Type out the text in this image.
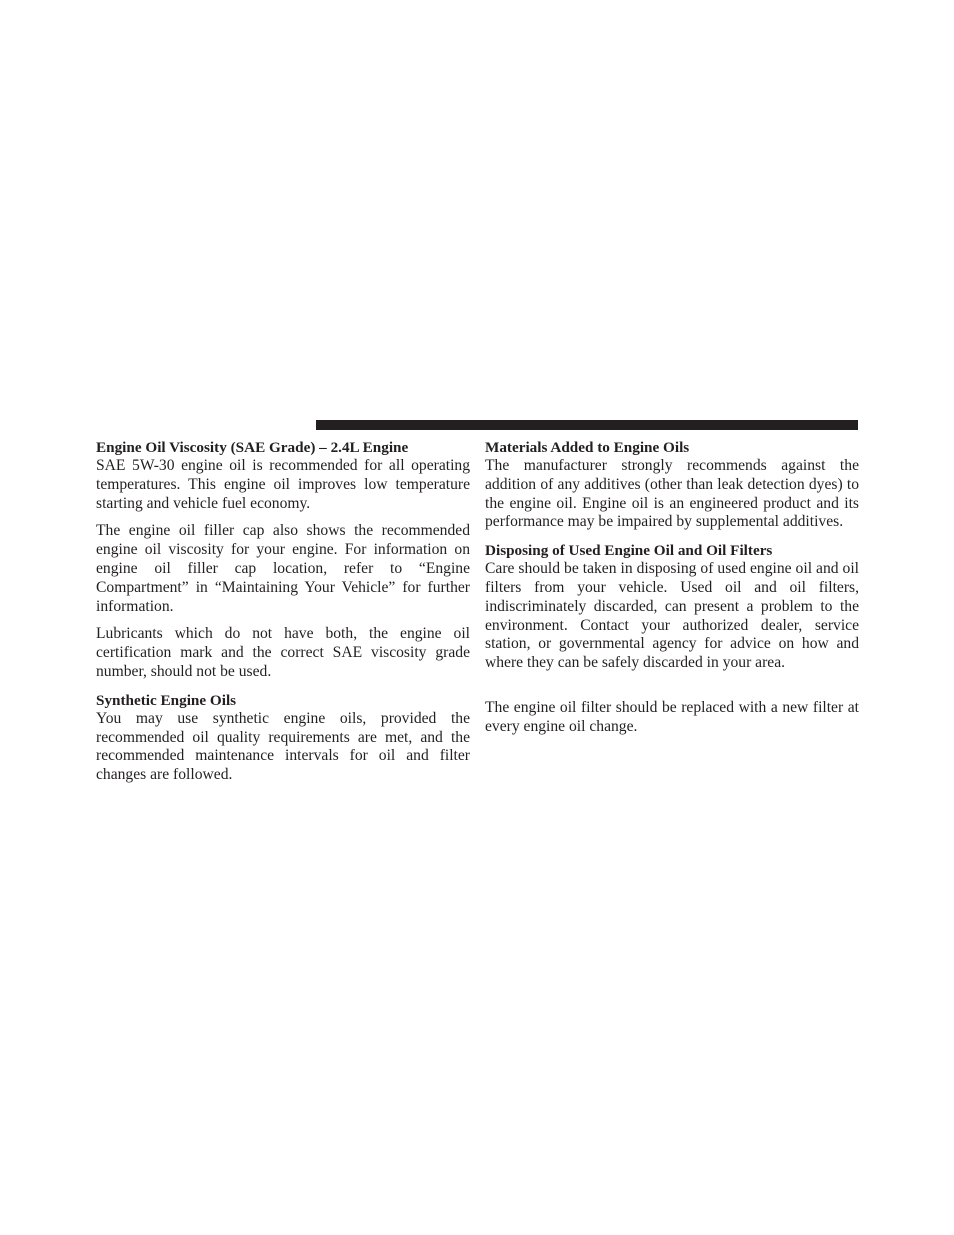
Engine Oil Viscosity (SAE Grade) – 2.4L Engine

SAE 5W-30 engine oil is recommended for all operating temperatures. This engine oil improves low temperature starting and vehicle fuel economy.

The engine oil filler cap also shows the recommended engine oil viscosity for your engine. For information on engine oil filler cap location, refer to “Engine Compartment” in “Maintaining Your Vehicle” for further information.

Lubricants which do not have both, the engine oil certification mark and the correct SAE viscosity grade number, should not be used.

Synthetic Engine Oils

You may use synthetic engine oils, provided the recommended oil quality requirements are met, and the recommended maintenance intervals for oil and filter changes are followed.

Materials Added to Engine Oils

The manufacturer strongly recommends against the addition of any additives (other than leak detection dyes) to the engine oil. Engine oil is an engineered product and its performance may be impaired by supplemental additives.

Disposing of Used Engine Oil and Oil Filters

Care should be taken in disposing of used engine oil and oil filters from your vehicle. Used oil and oil filters, indiscriminately discarded, can present a problem to the environment. Contact your authorized dealer, service station, or governmental agency for advice on how and where they can be safely discarded in your area.

The engine oil filter should be replaced with a new filter at every engine oil change.
